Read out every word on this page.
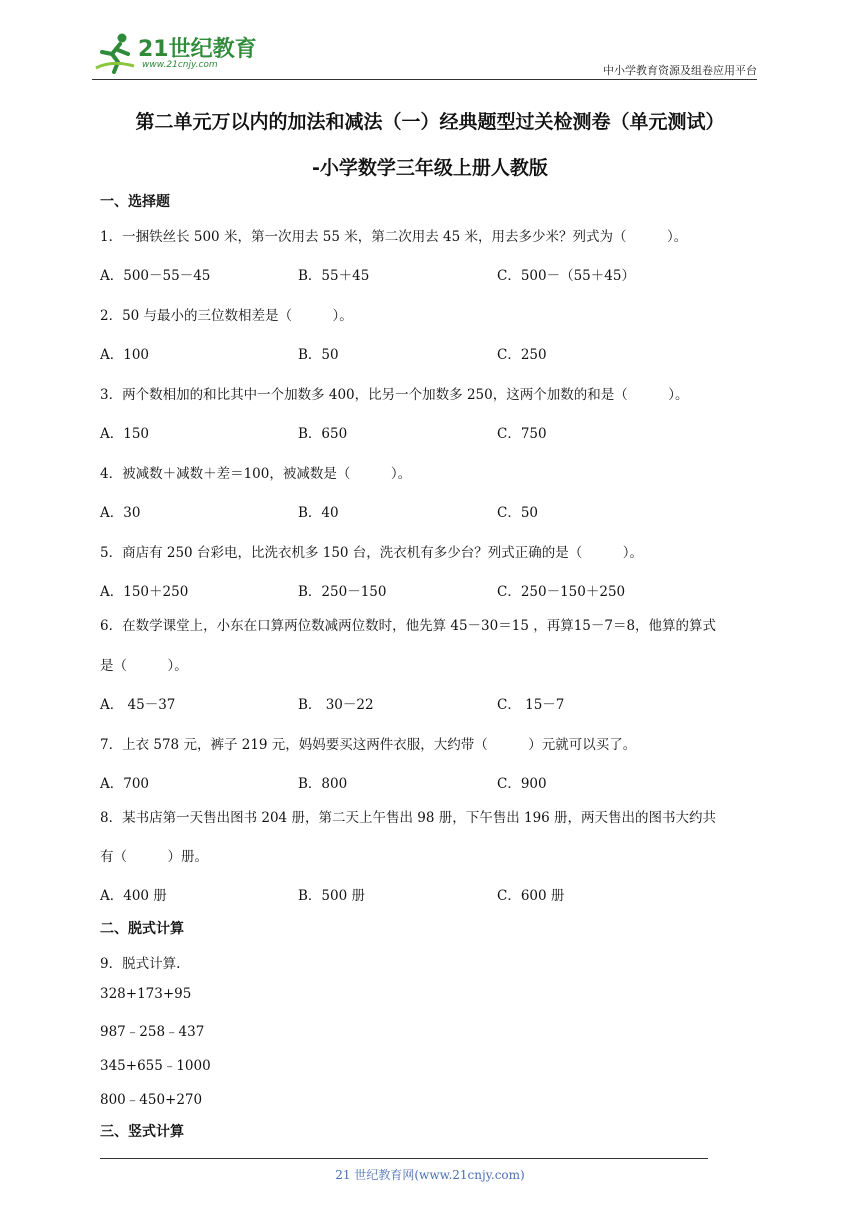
21世纪教育
www.21cnjy.com	中小学教育资源及组卷应用平台
第二单元万以内的加法和减法（一）经典题型过关检测卷（单元测试）
-小学数学三年级上册人教版
一、选择题
1．一捆铁丝长 500 米，第一次用去 55 米，第二次用去 45 米，用去多少米？列式为（　　　）。
A．500－55－45	B．55＋45	C．500－（55＋45）
2．50 与最小的三位数相差是（　　　）。
A．100	B．50	C．250
3．两个数相加的和比其中一个加数多 400，比另一个加数多 250，这两个加数的和是（　　　）。
A．150	B．650	C．750
4．被减数＋减数＋差＝100，被减数是（　　　）。
A．30	B．40	C．50
5．商店有 250 台彩电，比洗衣机多 150 台，洗衣机有多少台？列式正确的是（　　　）。
A．150＋250	B．250－150	C．250－150＋250
6．在数学课堂上，小东在口算两位数减两位数时，他先算 45－30＝15 ，再算15－7＝8，他算的算式
是（　　　）。
A． 45－37	B． 30－22	C． 15－7
7．上衣 578 元，裤子 219 元，妈妈要买这两件衣服，大约带（　　　）元就可以买了。
A．700	B．800	C．900
8．某书店第一天售出图书 204 册，第二天上午售出 98 册，下午售出 196 册，两天售出的图书大约共
有（　　　）册。
A．400 册	B．500 册	C．600 册
二、脱式计算
9．脱式计算.
328+173+95
987﹣258﹣437
345+655﹣1000
800﹣450+270
三、竖式计算
21 世纪教育网(www.21cnjy.com)
